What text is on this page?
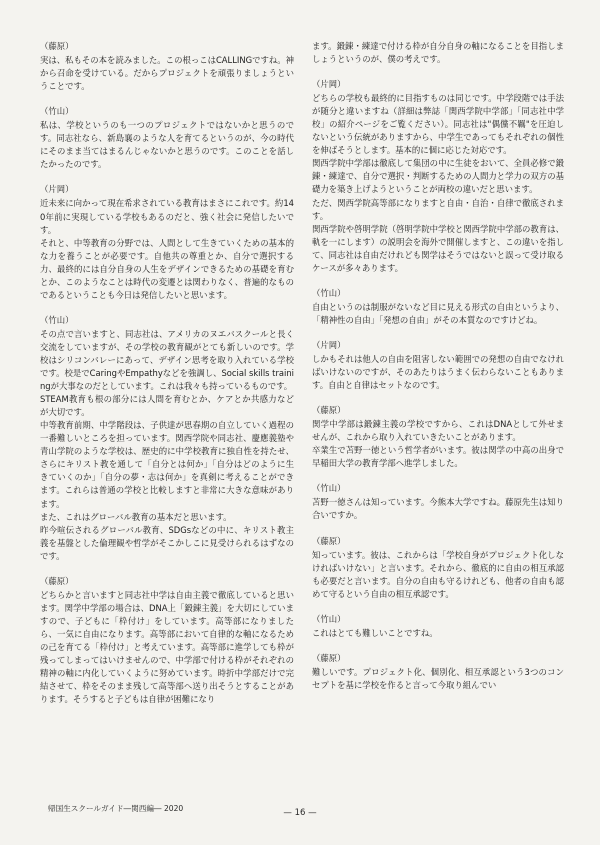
（藤原）
実は、私もその本を読みました。この根っこはCALLINGですね。神から召命を受けている。だからプロジェクトを頑張りましょうということです。
（竹山）
私は、学校というのも一つのプロジェクトではないかと思うのです。同志社なら、新島襄のような人を育てるというのが、今の時代にそのまま当てはまるんじゃないかと思うのです。このことを話したかったのです。
（片岡）
近未来に向かって現在希求されている教育はまさにこれです。約140年前に実現している学校もあるのだと、強く社会に発信したいです。
それと、中等教育の分野では、人間として生きていくための基本的な力を養うことが必要です。自他共の尊重とか、自分で選択する力、最終的には自分自身の人生をデザインできるための基礎を育むとか、このようなことは時代の変遷とは関わりなく、普遍的なものであるということも今日は発信したいと思います。
（竹山）
その点で言いますと、同志社は、アメリカのヌエバスクールと長く交流をしていますが、その学校の教育観がとても新しいのです。学校はシリコンバレーにあって、デザイン思考を取り入れている学校です。校是でCaringやEmpathyなどを強調し、Social skills trainingが大事なのだとしています。これは我々も持っているものです。
STEAM教育も根の部分には人間を育むとか、ケアとか共感力などが大切です。
中等教育前期、中学階段は、子供達が思春期の自立していく過程の一番難しいところを担っています。関西学院や同志社、慶應義塾や青山学院のような学校は、歴史的に中学校教育に独自性を持たせ、さらにキリスト教を通して「自分とは何か」「自分はどのように生きていくのか」「自分の夢・志は何か」を真剣に考えることができます。これらは普通の学校と比較しますと非常に大きな意味があります。
また、これはグローバル教育の基本だと思います。
昨今喧伝されるグローバル教育、SDGsなどの中に、キリスト教主義を基盤とした倫理観や哲学がそこかしこに見受けられるはずなのです。
（藤原）
どちらかと言いますと同志社中学は自由主義で徹底していると思います。関学中学部の場合は、DNA上「鍛錬主義」を大切にしていますので、子どもに「枠付け」をしています。高等部になりましたら、一気に自由になります。高等部において自律的な軸になるための己を育てる「枠付け」と考えています。高等部に進学しても枠が残ってしまってはいけませんので、中学部で付ける枠がそれぞれの精神の軸に内化していくように努めています。時折中学部だけで完結させて、枠をそのまま残して高等部へ送り出そうとすることがあります。そうすると子どもは自律が困難になり
ます。鍛錬・練達で付ける枠が自分自身の軸になることを目指しましょうというのが、僕の考えです。
（片岡）
どちらの学校も最終的に目指すものは同じです。中学段階では手法が随分と違いますね（詳細は弊誌「関西学院中学部」「同志社中学校」の紹介ページをご覧ください）。同志社は"偶儻不羈"を圧迫しないという伝統がありますから、中学生であってもそれぞれの個性を伸ばそうとします。基本的に個に応じた対応です。
関西学院中学部は徹底して集団の中に生徒をおいて、全員必修で鍛錬・練達で、自分で選択・判断するための人間力と学力の双方の基礎力を築き上げようということが両校の違いだと思います。
ただ、関西学院高等部になりますと自由・自治・自律で徹底されます。
関西学院や啓明学院（啓明学院中学校と関西学院中学部の教育は、軌を一にします）の説明会を海外で開催しますと、この違いを指して、同志社は自由だけれども関学はそうではないと誤って受け取るケースが多々あります。
（竹山）
自由というのは制服がないなど目に見える形式の自由というより、「精神性の自由」「発想の自由」がその本質なのですけどね。
（片岡）
しかもそれは他人の自由を阻害しない範囲での発想の自由でなければいけないのですが、そのあたりはうまく伝わらないこともあります。自由と自律はセットなのです。
（藤原）
関学中学部は鍛錬主義の学校ですから、これはDNAとして外せませんが、これから取り入れていきたいことがあります。
卒業生で苫野一徳という哲学者がいます。彼は関学の中高の出身で早稲田大学の教育学部へ進学しました。
（竹山）
苫野一徳さんは知っています。今熊本大学ですね。藤原先生は知り合いですか。
（藤原）
知っています。彼は、これからは「学校自身がプロジェクト化しなければいけない」と言います。それから、徹底的に自由の相互承認も必要だと言います。自分の自由も守るけれども、他者の自由も認めて守るという自由の相互承認です。
（竹山）
これはとても難しいことですね。
（藤原）
難しいです。プロジェクト化、個別化、相互承認という3つのコンセプトを基に学校を作ると言って今取り組んでい
帰国生スクールガイド―関西編― 2020	— 16 —
